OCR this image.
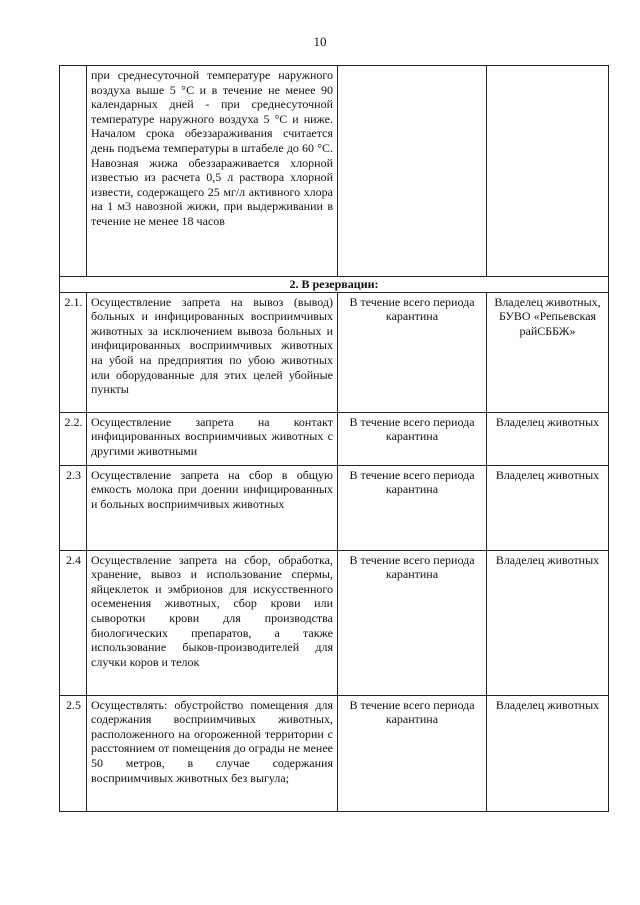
10
	при среднесуточной температуре наружного воздуха выше 5 °С и в течение не менее 90 календарных дней - при среднесуточной температуре наружного воздуха 5 °С и ниже. Началом срока обеззараживания считается день подъема температуры в штабеле до 60 °С. Навозная жижа обеззараживается хлорной известью из расчета 0,5 л раствора хлорной извести, содержащего 25 мг/л активного хлора на 1 м3 навозной жижи, при выдерживании в течение не менее 18 часов		
2. В резервации:			
2.1.	Осуществление запрета на вывоз (вывод) больных и инфицированных восприимчивых животных за исключением вывоза больных и инфицированных восприимчивых животных на убой на предприятия по убою животных или оборудованные для этих целей убойные пункты	В течение всего периода карантина	Владелец животных, БУВО «Репьевская райСББЖ»
2.2.	Осуществление запрета на контакт инфицированных восприимчивых животных с другими животными	В течение всего периода карантина	Владелец животных
2.3	Осуществление запрета на сбор в общую емкость молока при доении инфицированных и больных восприимчивых животных	В течение всего периода карантина	Владелец животных
2.4	Осуществление запрета на сбор, обработка, хранение, вывоз и использование спермы, яйцеклеток и эмбрионов для искусственного осеменения животных, сбор крови или сыворотки крови для производства биологических препаратов, а также использование быков-производителей для случки коров и телок	В течение всего периода карантина	Владелец животных
2.5	Осуществлять: обустройство помещения для содержания восприимчивых животных, расположенного на огороженной территории с расстоянием от помещения до ограды не менее 50 метров, в случае содержания восприимчивых животных без выгула;	В течение всего периода карантина	Владелец животных
